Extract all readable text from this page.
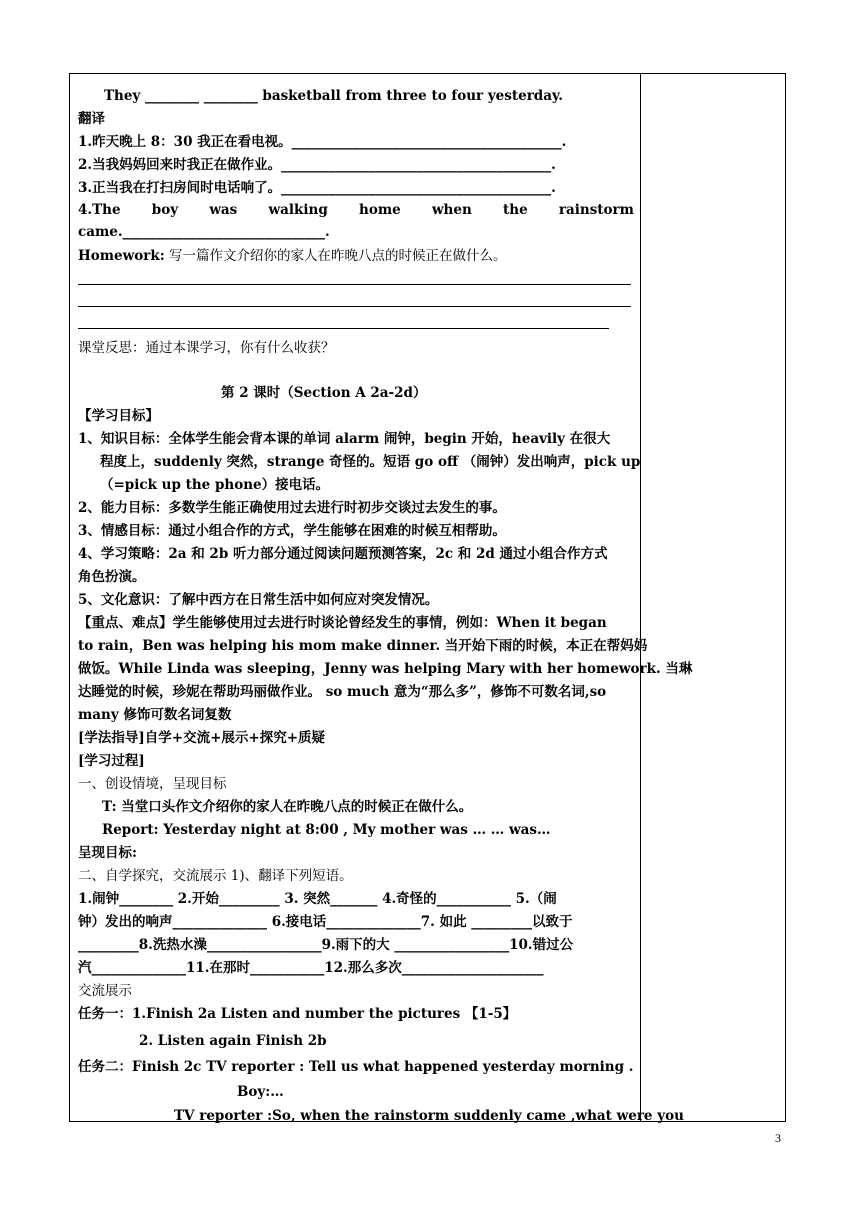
They ________ ________ basketball from three to four yesterday.
翻译
1.昨天晚上 8：30 我正在看电视。________________________________________.
2.当我妈妈回来时我正在做作业。________________________________________.
3.正当我在打扫房间时电话响了。________________________________________.
4.The boy was walking home when the rainstorm
came.______________________________.
Homework: 写一篇作文介绍你的家人在昨晚八点的时候正在做什么。
课堂反思：通过本课学习，你有什么收获？
第 2 课时（Section A 2a-2d）
【学习目标】
1、知识目标：全体学生能会背本课的单词 alarm 闹钟，begin 开始，heavily 在很大
程度上，suddenly 突然，strange 奇怪的。短语 go off （闹钟）发出响声，pick up
（=pick up the phone）接电话。
2、能力目标：多数学生能正确使用过去进行时初步交谈过去发生的事。
3、情感目标：通过小组合作的方式，学生能够在困难的时候互相帮助。
4、学习策略：2a 和 2b 听力部分通过阅读问题预测答案，2c 和 2d 通过小组合作方式
角色扮演。
5、文化意识：了解中西方在日常生活中如何应对突发情况。
【重点、难点】学生能够使用过去进行时谈论曾经发生的事情，例如：When it began
to rain，Ben was helping his mom make dinner. 当开始下雨的时候，本正在帮妈妈
做饭。While Linda was sleeping，Jenny was helping Mary with her homework. 当琳
达睡觉的时候，珍妮在帮助玛丽做作业。 so much 意为“那么多”，修饰不可数名词,so
many 修饰可数名词复数
[学法指导]自学+交流+展示+探究+质疑
[学习过程]
一、创设情境，呈现目标
T: 当堂口头作文介绍你的家人在昨晚八点的时候正在做什么。
Report: Yesterday night at 8:00 , My mother was … … was…
呈现目标:
二、自学探究，交流展示 1)、翻译下列短语。
1.闹钟________ 2.开始_________ 3. 突然_______ 4.奇怪的___________ 5.（闹
钟）发出的响声______________ 6.接电话______________7. 如此 _________以致于
_________8.洗热水澡_________________9.雨下的大 _________________10.错过公
汽______________11.在那时___________12.那么多次_____________________
交流展示
任务一：1.Finish 2a Listen and number the pictures 【1-5】
2. Listen again Finish 2b
任务二：Finish 2c TV reporter : Tell us what happened yesterday morning .
Boy:…
TV reporter :So, when the rainstorm suddenly came ,what were you
3
